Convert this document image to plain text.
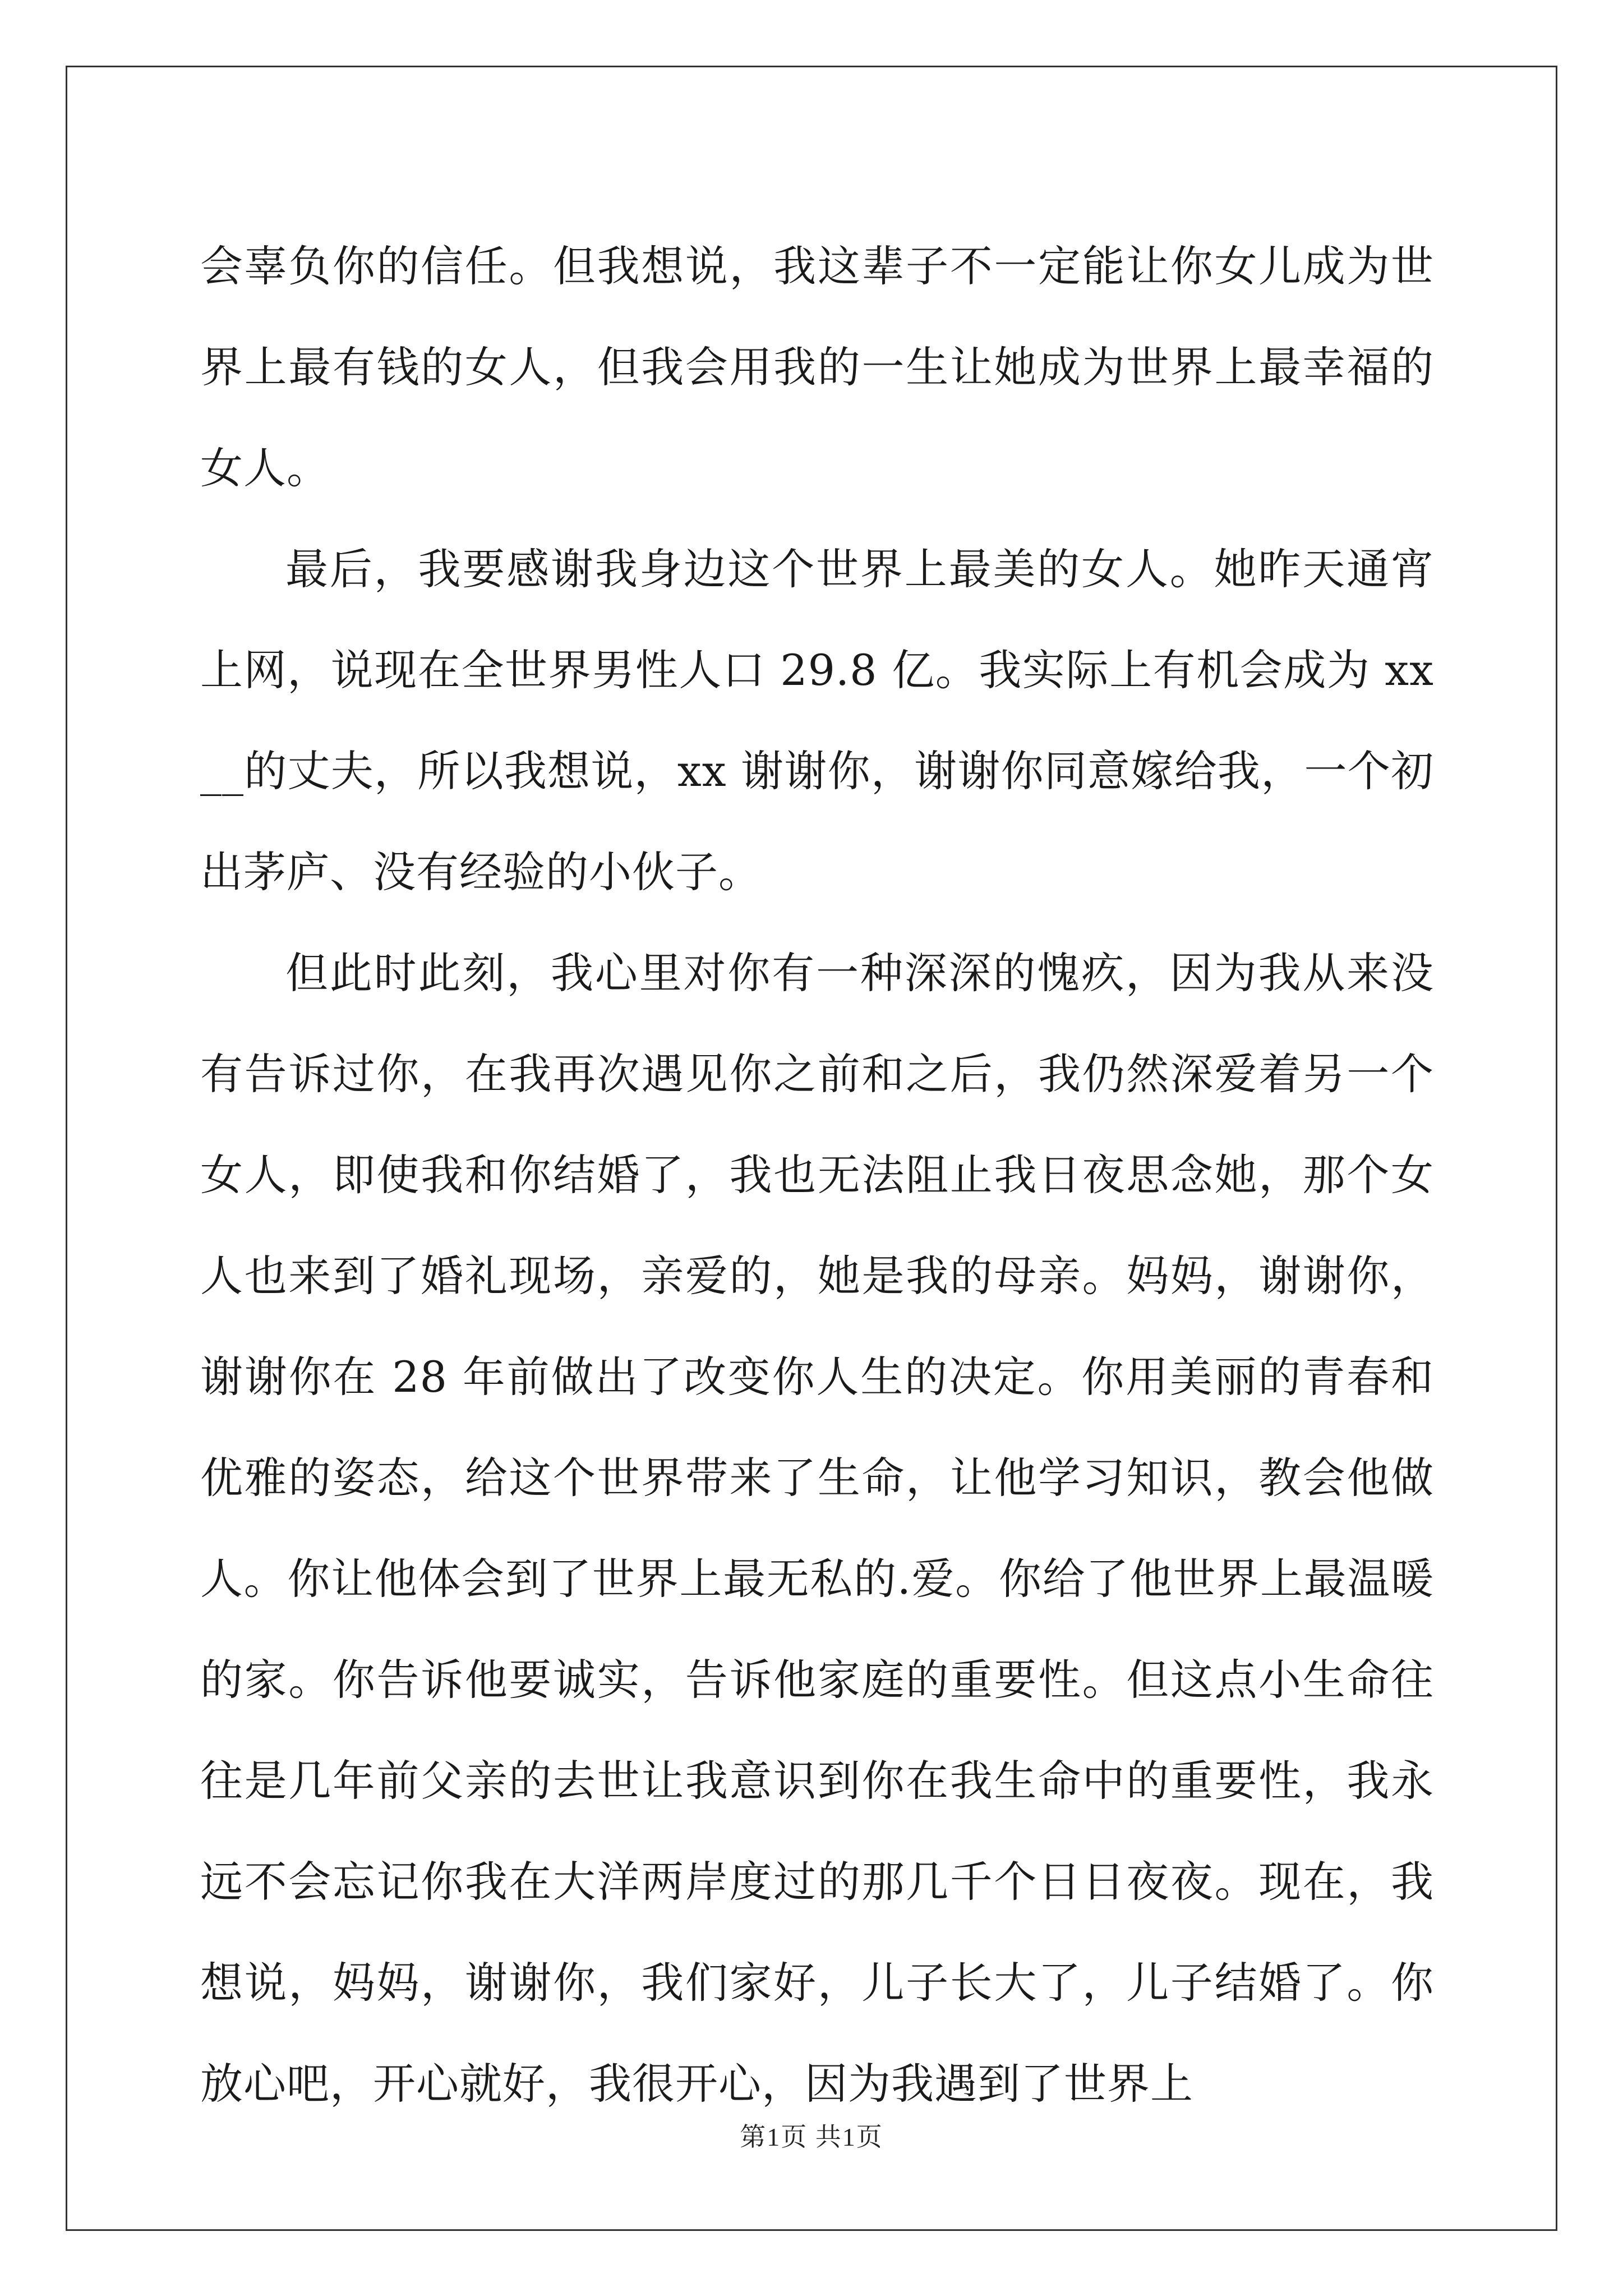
会辜负你的信任。但我想说，我这辈子不一定能让你女儿成为世界上最有钱的女人，但我会用我的一生让她成为世界上最幸福的女人。

最后，我要感谢我身边这个世界上最美的女人。她昨天通宵上网，说现在全世界男性人口 29.8 亿。我实际上有机会成为 xx__的丈夫，所以我想说，xx 谢谢你，谢谢你同意嫁给我，一个初出茅庐、没有经验的小伙子。

但此时此刻，我心里对你有一种深深的愧疚，因为我从来没有告诉过你，在我再次遇见你之前和之后，我仍然深爱着另一个女人，即使我和你结婚了，我也无法阻止我日夜思念她，那个女人也来到了婚礼现场，亲爱的，她是我的母亲。妈妈，谢谢你，谢谢你在 28 年前做出了改变你人生的决定。你用美丽的青春和优雅的姿态，给这个世界带来了生命，让他学习知识，教会他做人。你让他体会到了世界上最无私的.爱。你给了他世界上最温暖的家。你告诉他要诚实，告诉他家庭的重要性。但这点小生命往往是几年前父亲的去世让我意识到你在我生命中的重要性，我永远不会忘记你我在大洋两岸度过的那几千个日日夜夜。现在，我想说，妈妈，谢谢你，我们家好，儿子长大了，儿子结婚了。你放心吧，开心就好，我很开心，因为我遇到了世界上

第1页 共1页
